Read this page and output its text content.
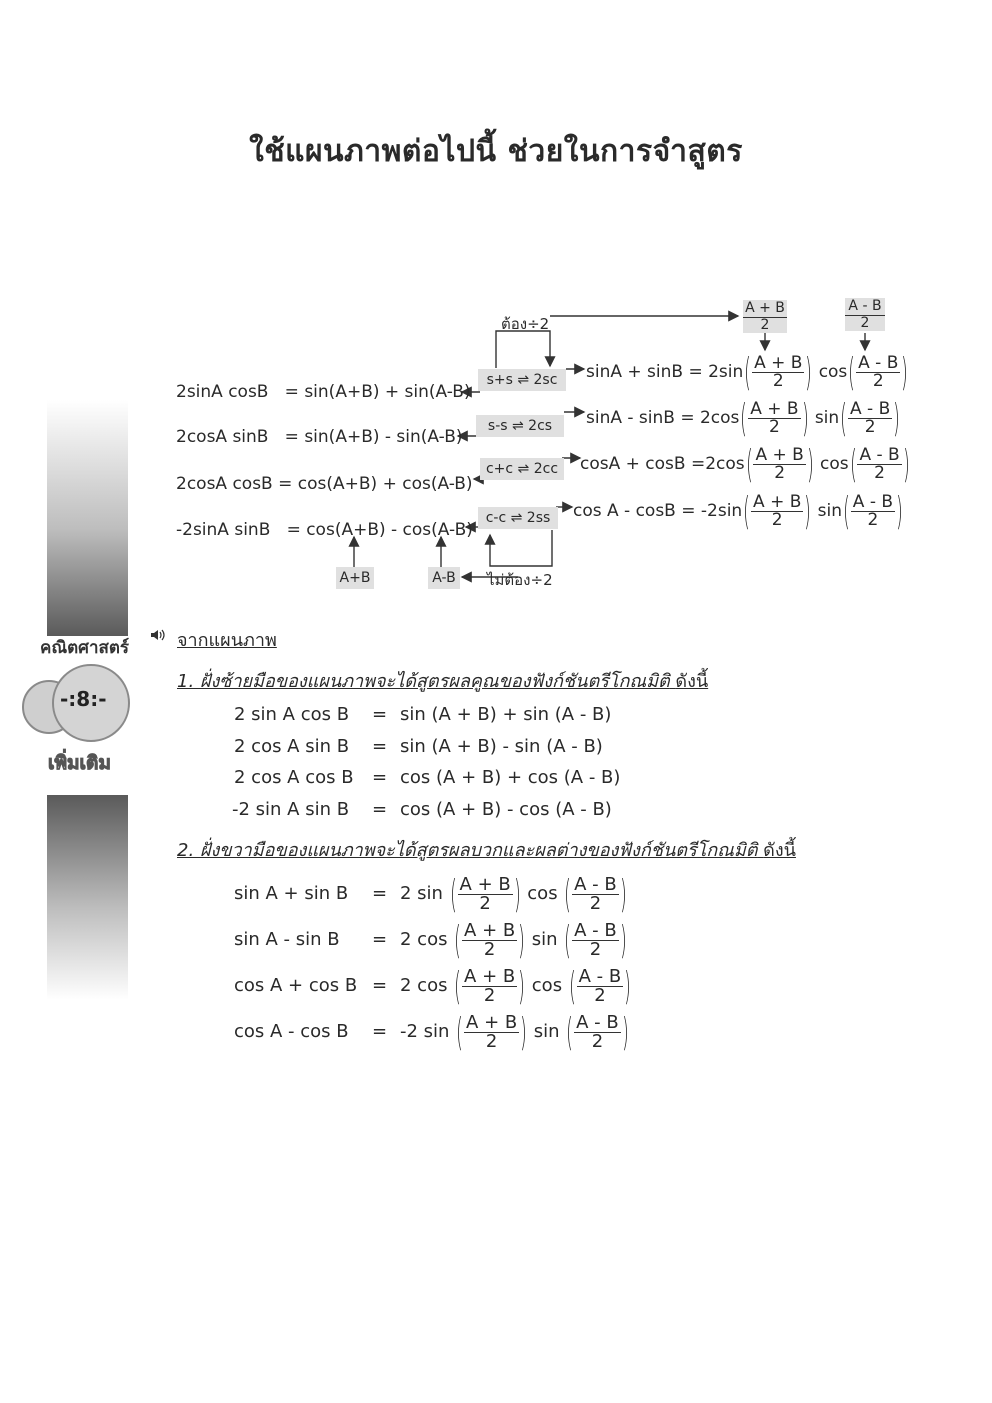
ใช้แผนภาพต่อไปนี้ ช่วยในการจำสูตร
คณิตศาสตร์
-:8:-
เพิ่มเติม
ม.5 เล่ม 1
ต้อง÷2	$\frac{A + B}{2}$	$\frac{A - B}{2}$
s+s ⇌ 2sc
s-s ⇌ 2cs
c+c ⇌ 2cc
c-c ⇌ 2ss
2sinA cosB   = sin(A+B) + sin(A-B)
2cosA sinB   = sin(A+B) - sin(A-B)
2cosA cosB = cos(A+B) + cos(A-B)
-2sinA sinB   = cos(A+B) - cos(A-B)
A+B	A-B ไม่ต้อง÷2
$\sin A + \sin B = 2\sin( \frac{A + B}{2}$ ) $\cos( \frac{A - B}{2}$ )
$\sin A - \sin B = 2\cos( \frac{A + B}{2}$ ) $\sin( \frac{A - B}{2}$ )
$\cos A + \cos B =2\cos( \frac{A + B}{2}$ ) $\cos( \frac{A - B}{2}$ )
$\cos A - \cos B = -2\sin( \frac{A + B}{2}$ ) $\sin( \frac{A - B}{2}$ )
จากแผนภาพ
1. ฝั่งซ้ายมือของแผนภาพจะได้สูตรผลคูณของฟังก์ชันตรีโกณมิติ ดังนี้
2 sin A cos B = sin (A + B) + sin (A - B)
2 cos A sin B = sin (A + B) - sin (A - B)
2 cos A cos B = cos (A + B) + cos (A - B)
-2 sin A sin B = cos (A + B) - cos (A - B)
2. ฝั่งขวามือของแผนภาพจะได้สูตรผลบวกและผลต่างของฟังก์ชันตรีโกณมิติ ดังนี้
sin A + sin B = 2 sin ( $\frac{A + B}{2}$ ) cos ( $\frac{A - B}{2}$ )
sin A - sin B = 2 cos ( $\frac{A + B}{2}$ ) sin ( $\frac{A - B}{2}$ )
cos A + cos B = 2 cos ( $\frac{A + B}{2}$ ) cos ( $\frac{A - B}{2}$ )
cos A - cos B = -2 sin ( $\frac{A + B}{2}$ ) sin ( $\frac{A - B}{2}$ )
